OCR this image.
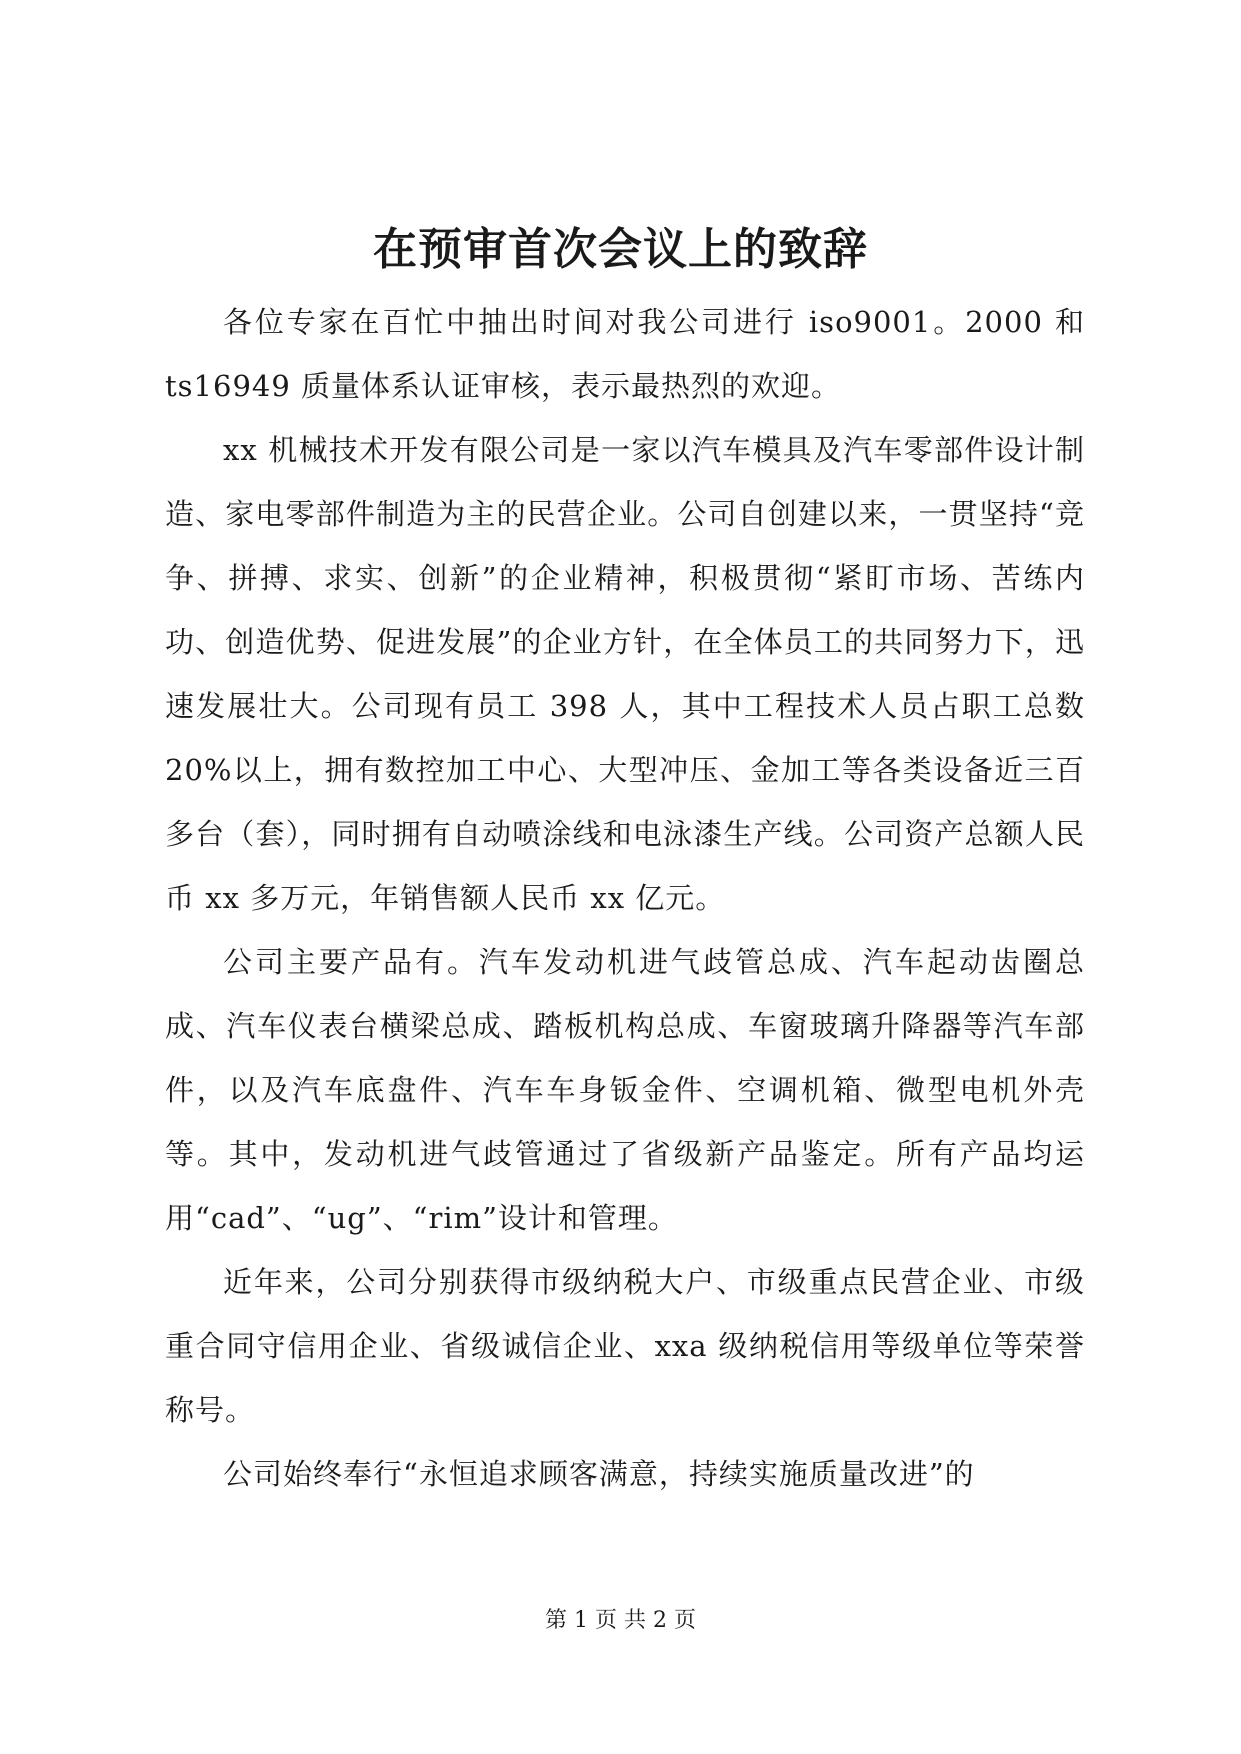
在预审首次会议上的致辞

各位专家在百忙中抽出时间对我公司进行 iso9001。2000 和 ts16949 质量体系认证审核，表示最热烈的欢迎。

xx 机械技术开发有限公司是一家以汽车模具及汽车零部件设计制造、家电零部件制造为主的民营企业。公司自创建以来，一贯坚持“竞争、拼搏、求实、创新”的企业精神，积极贯彻“紧盯市场、苦练内功、创造优势、促进发展”的企业方针，在全体员工的共同努力下，迅速发展壮大。公司现有员工 398 人，其中工程技术人员占职工总数 20%以上，拥有数控加工中心、大型冲压、金加工等各类设备近三百多台（套），同时拥有自动喷涂线和电泳漆生产线。公司资产总额人民币 xx 多万元，年销售额人民币 xx 亿元。

公司主要产品有。汽车发动机进气歧管总成、汽车起动齿圈总成、汽车仪表台横梁总成、踏板机构总成、车窗玻璃升降器等汽车部件，以及汽车底盘件、汽车车身钣金件、空调机箱、微型电机外壳等。其中，发动机进气歧管通过了省级新产品鉴定。所有产品均运用“cad”、“ug”、“rim”设计和管理。

近年来，公司分别获得市级纳税大户、市级重点民营企业、市级重合同守信用企业、省级诚信企业、xxa 级纳税信用等级单位等荣誉称号。

公司始终奉行“永恒追求顾客满意，持续实施质量改进”的

第 1 页 共 2 页
